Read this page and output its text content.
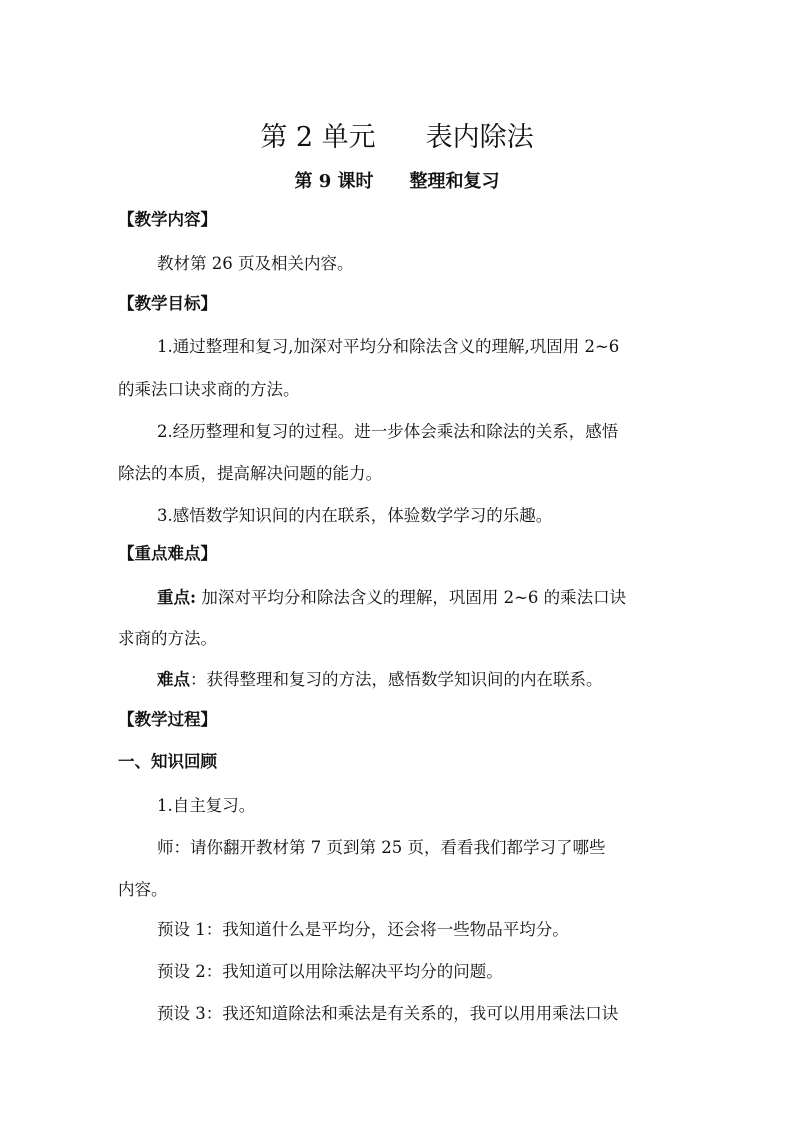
第 2 单元 表内除法
第 9 课时 整理和复习
【教学内容】
教材第 26 页及相关内容。
【教学目标】
1.通过整理和复习,加深对平均分和除法含义的理解,巩固用 2~6
的乘法口诀求商的方法。
2.经历整理和复习的过程。进一步体会乘法和除法的关系，感悟
除法的本质，提高解决问题的能力。
3.感悟数学知识间的内在联系，体验数学学习的乐趣。
【重点难点】
重点: 加深对平均分和除法含义的理解，巩固用 2~6 的乘法口诀
求商的方法。
难点：获得整理和复习的方法，感悟数学知识间的内在联系。
【教学过程】
一、知识回顾
1.自主复习。
师：请你翻开教材第 7 页到第 25 页，看看我们都学习了哪些
内容。
预设 1：我知道什么是平均分，还会将一些物品平均分。
预设 2：我知道可以用除法解决平均分的问题。
预设 3：我还知道除法和乘法是有关系的，我可以用用乘法口诀
